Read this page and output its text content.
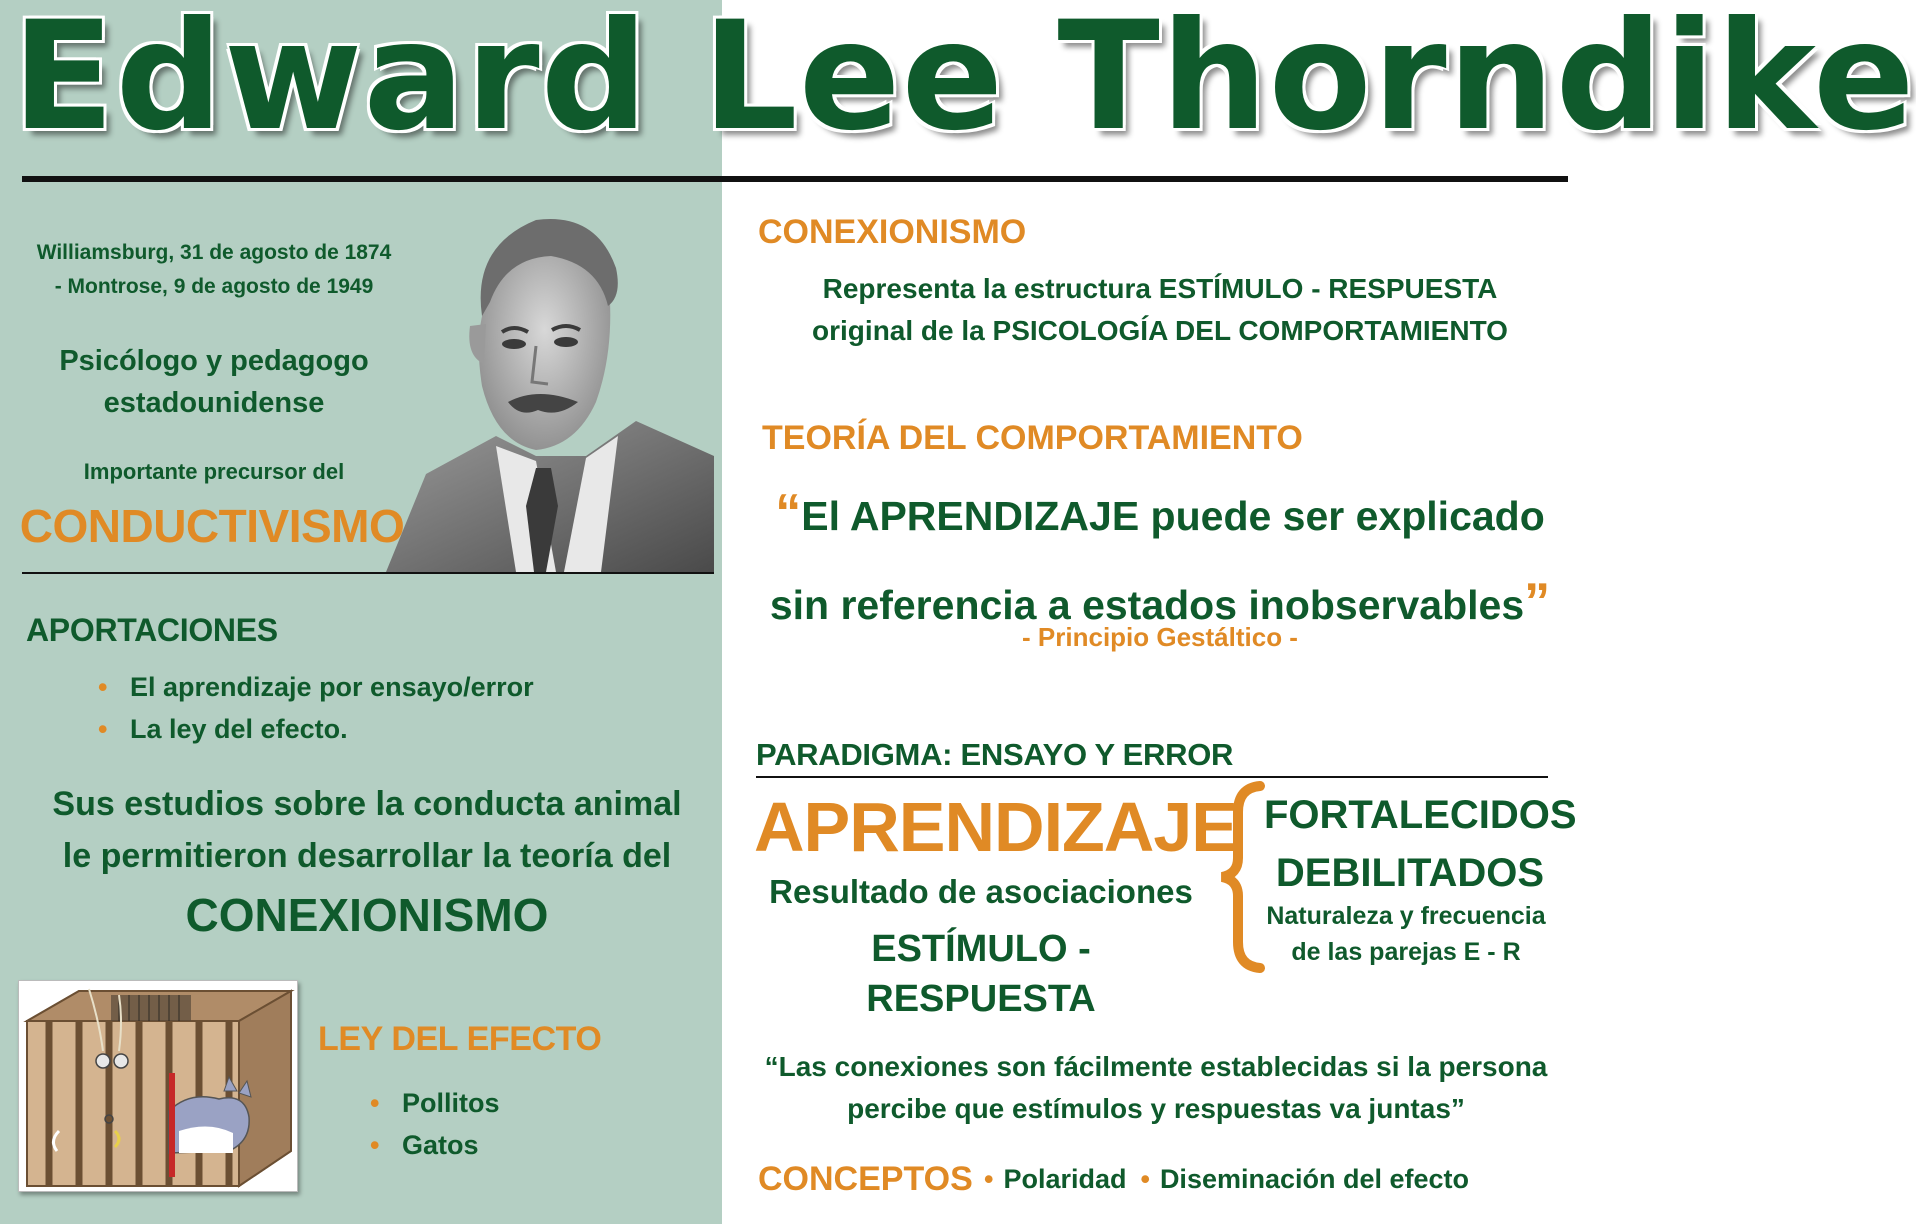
Edward Lee Thorndike
Williamsburg, 31 de agosto de 1874
- Montrose, 9 de agosto de 1949
Psicólogo y pedagogo
estadounidense
Importante precursor del
CONDUCTIVISMO
APORTACIONES
• El aprendizaje por ensayo/error
• La ley del efecto.
Sus estudios sobre la conducta animal
le permitieron desarrollar la teoría del
CONEXIONISMO
LEY DEL EFECTO
• Pollitos
• Gatos
CONEXIONISMO
Representa la estructura ESTÍMULO - RESPUESTA
original de la PSICOLOGÍA DEL COMPORTAMIENTO
TEORÍA DEL COMPORTAMIENTO
“El APRENDIZAJE puede ser explicado
sin referencia a estados inobservables”
- Principio Gestáltico -
PARADIGMA: ENSAYO Y ERROR
APRENDIZAJE
Resultado de asociaciones
ESTÍMULO - RESPUESTA
FORTALECIDOS
DEBILITADOS
Naturaleza y frecuencia
de las parejas E - R
“Las conexiones son fácilmente establecidas si la persona
percibe que estímulos y respuestas va juntas”
CONCEPTOS • Polaridad • Diseminación del efecto
